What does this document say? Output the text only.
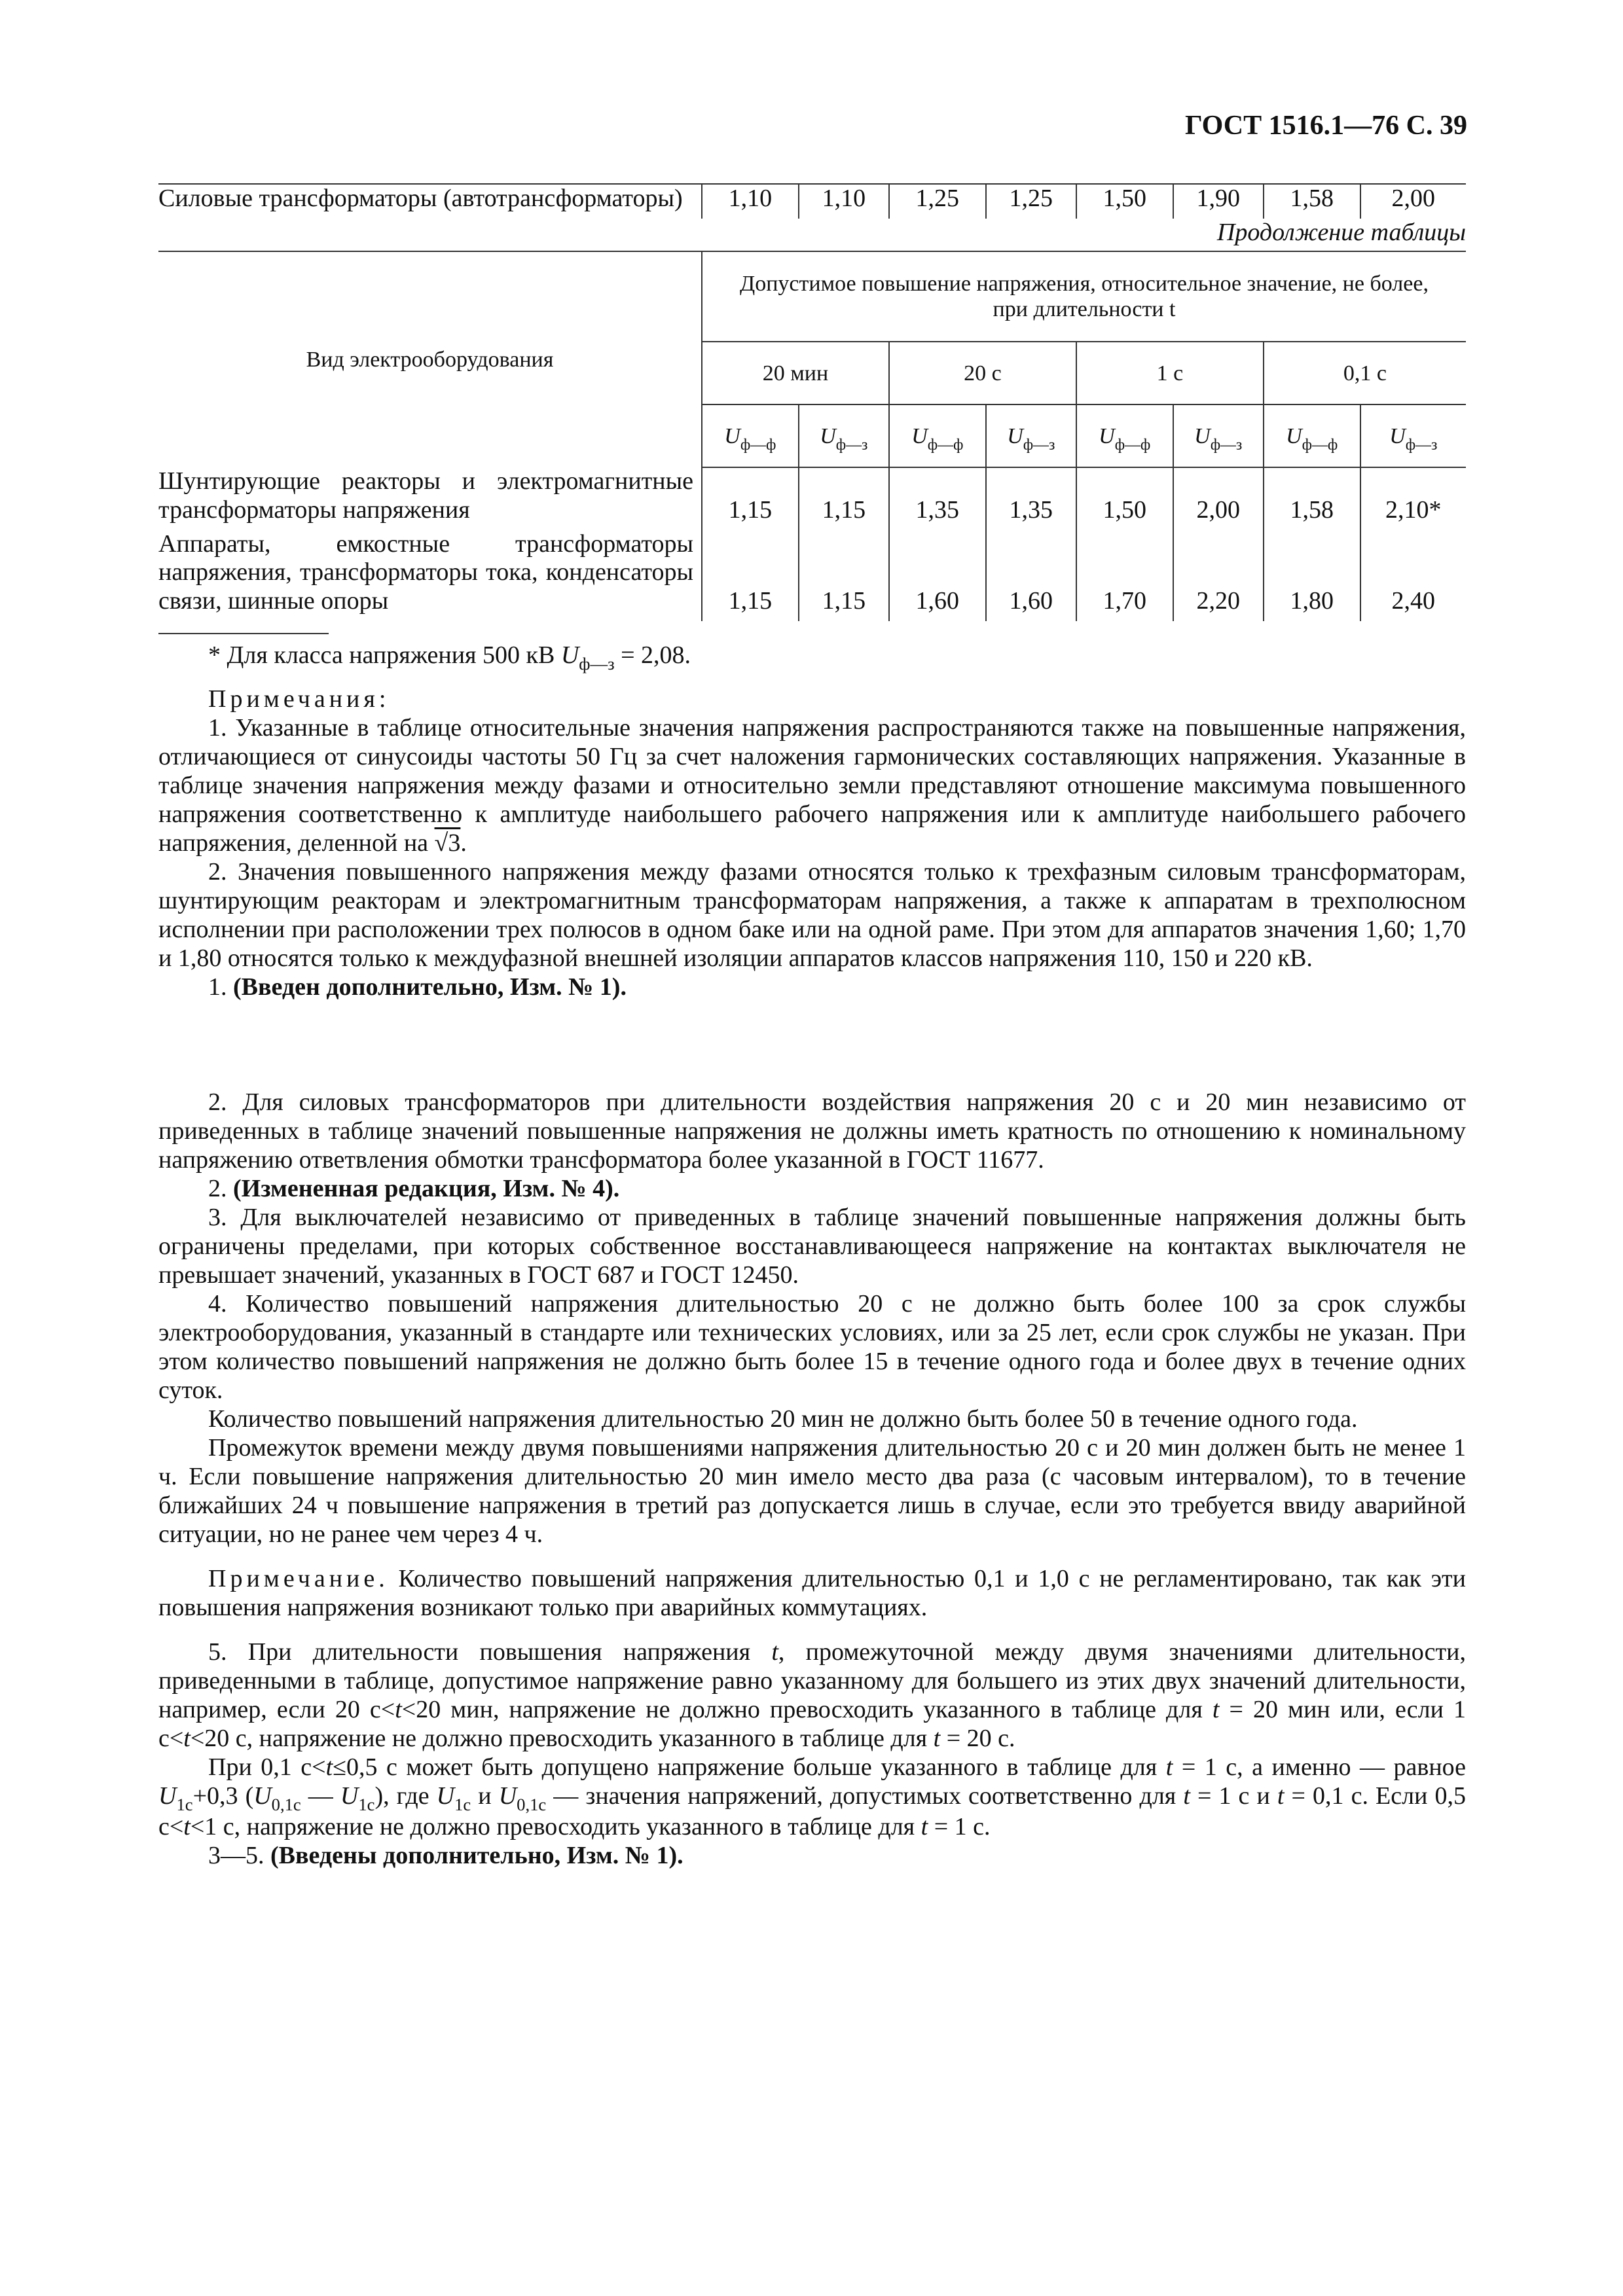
ГОСТ 1516.1—76 С. 39
Силовые трансформаторы (автотрансформаторы)	1,10	1,10	1,25	1,25	1,50	1,90	1,58	2,00
Продолжение таблицы								
Вид электрооборудования	Допустимое повышение напряжения, относительное значение, не более, при длительности t							
	20 мин		20 с		1 с		0,1 с	
	$U_{ф—ф}$	$U_{ф—з}$	$U_{ф—ф}$	$U_{ф—з}$	$U_{ф—ф}$	$U_{ф—з}$	$U_{ф—ф}$	$U_{ф—з}$
Шунтирующие реакторы и электромагнитные трансформаторы напряжения	1,15	1,15	1,35	1,35	1,50	2,00	1,58	2,10*
Аппараты, емкостные трансформаторы напряжения, трансформаторы тока, конденсаторы связи, шинные опоры	1,15	1,15	1,60	1,60	1,70	2,20	1,80	2,40

* Для класса напряжения 500 кВ $U_{ф—з} = 2,08$.

Примечания:

1. Указанные в таблице относительные значения напряжения распространяются также на повышенные напряжения, отличающиеся от синусоиды частоты 50 Гц за счет наложения гармонических составляющих напряжения. Указанные в таблице значения напряжения между фазами и относительно земли представляют отношение максимума повышенного напряжения соответственно к амплитуде наибольшего рабочего напряжения или к амплитуде наибольшего рабочего напряжения, деленной на √3.

2. Значения повышенного напряжения между фазами относятся только к трехфазным силовым трансформаторам, шунтирующим реакторам и электромагнитным трансформаторам напряжения, а также к аппаратам в трехполюсном исполнении при расположении трех полюсов в одном баке или на одной раме. При этом для аппаратов значения 1,60; 1,70 и 1,80 относятся только к междуфазной внешней изоляции аппаратов классов напряжения 110, 150 и 220 кВ.

1. (Введен дополнительно, Изм. № 1).

2. Для силовых трансформаторов при длительности воздействия напряжения 20 с и 20 мин независимо от приведенных в таблице значений повышенные напряжения не должны иметь кратность по отношению к номинальному напряжению ответвления обмотки трансформатора более указанной в ГОСТ 11677.

2. (Измененная редакция, Изм. № 4).

3. Для выключателей независимо от приведенных в таблице значений повышенные напряжения должны быть ограничены пределами, при которых собственное восстанавливающееся напряжение на контактах выключателя не превышает значений, указанных в ГОСТ 687 и ГОСТ 12450.

4. Количество повышений напряжения длительностью 20 с не должно быть более 100 за срок службы электрооборудования, указанный в стандарте или технических условиях, или за 25 лет, если срок службы не указан. При этом количество повышений напряжения не должно быть более 15 в течение одного года и более двух в течение одних суток.

Количество повышений напряжения длительностью 20 мин не должно быть более 50 в течение одного года.

Промежуток времени между двумя повышениями напряжения длительностью 20 с и 20 мин должен быть не менее 1 ч. Если повышение напряжения длительностью 20 мин имело место два раза (с часовым интервалом), то в течение ближайших 24 ч повышение напряжения в третий раз допускается лишь в случае, если это требуется ввиду аварийной ситуации, но не ранее чем через 4 ч.

Примечание. Количество повышений напряжения длительностью 0,1 и 1,0 с не регламентировано, так как эти повышения напряжения возникают только при аварийных коммутациях.

5. При длительности повышения напряжения t, промежуточной между двумя значениями длительности, приведенными в таблице, допустимое напряжение равно указанному для большего из этих двух значений длительности, например, если 20 с<t<20 мин, напряжение не должно превосходить указанного в таблице для t = 20 мин или, если 1 с<t<20 с, напряжение не должно превосходить указанного в таблице для t = 20 с.

При 0,1 с<t≤0,5 с может быть допущено напряжение больше указанного в таблице для t = 1 с, а именно — равное $U_{1с}+0,3$ ($U_{0,1с}$ — $U_{1с}$), где $U_{1с}$ и $U_{0,1с}$ — значения напряжений, допустимых соответственно для t = 1 с и t = 0,1 с. Если 0,5 с<t<1 с, напряжение не должно превосходить указанного в таблице для t = 1 с.

3—5. (Введены дополнительно, Изм. № 1).
